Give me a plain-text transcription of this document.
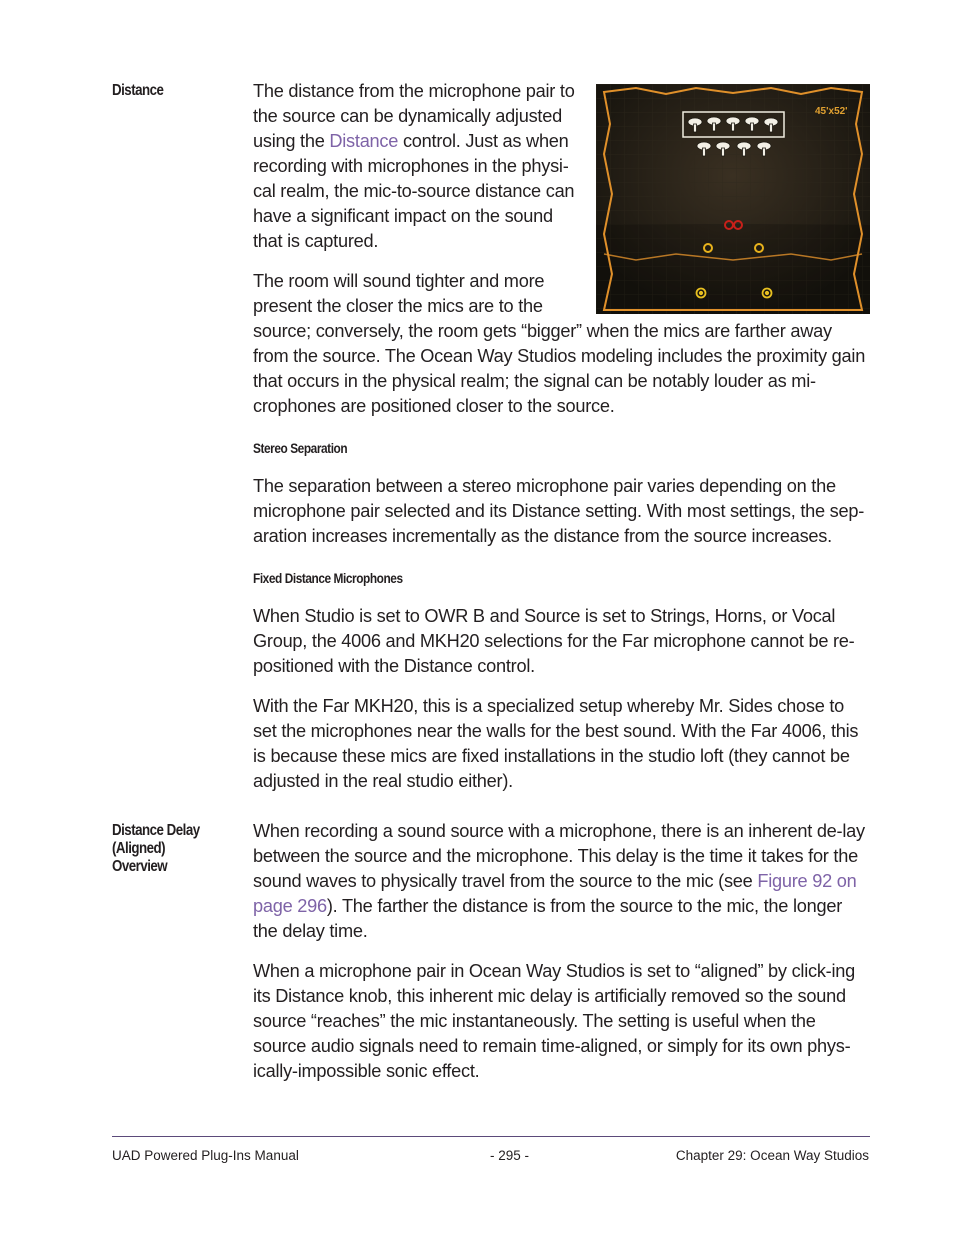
Distance	The distance from the microphone pair to the source can be dynamically adjusted using the Distance control. Just as when recording with microphones in the physi-cal realm, the mic-to-source distance can have a significant impact on the sound that is captured.

The room will sound tighter and more present the closer the mics are to the
source; conversely, the room gets “bigger” when the mics are farther away from the source. The Ocean Way Studios modeling includes the proximity gain that occurs in the physical realm; the signal can be notably louder as mi-crophones are positioned closer to the source.
45'x52'
Stereo Separation
The separation between a stereo microphone pair varies depending on the microphone pair selected and its Distance setting. With most settings, the sep-aration increases incrementally as the distance from the source increases.
Fixed Distance Microphones
When Studio is set to OWR B and Source is set to Strings, Horns, or Vocal Group, the 4006 and MKH20 selections for the Far microphone cannot be re-positioned with the Distance control.
With the Far MKH20, this is a specialized setup whereby Mr. Sides chose to set the microphones near the walls for the best sound. With the Far 4006, this is because these mics are fixed installations in the studio loft (they cannot be adjusted in the real studio either).
Distance Delay (Aligned) Overview

When recording a sound source with a microphone, there is an inherent de-lay between the source and the microphone. This delay is the time it takes for the sound waves to physically travel from the source to the mic (see Figure 92 on page 296). The farther the distance is from the source to the mic, the longer the delay time.

When a microphone pair in Ocean Way Studios is set to “aligned” by click-ing its Distance knob, this inherent mic delay is artificially removed so the sound source “reaches” the mic instantaneously. The setting is useful when the source audio signals need to remain time-aligned, or simply for its own phys-ically-impossible sonic effect.
UAD Powered Plug-Ins Manual	- 295 -	Chapter 29: Ocean Way Studios
